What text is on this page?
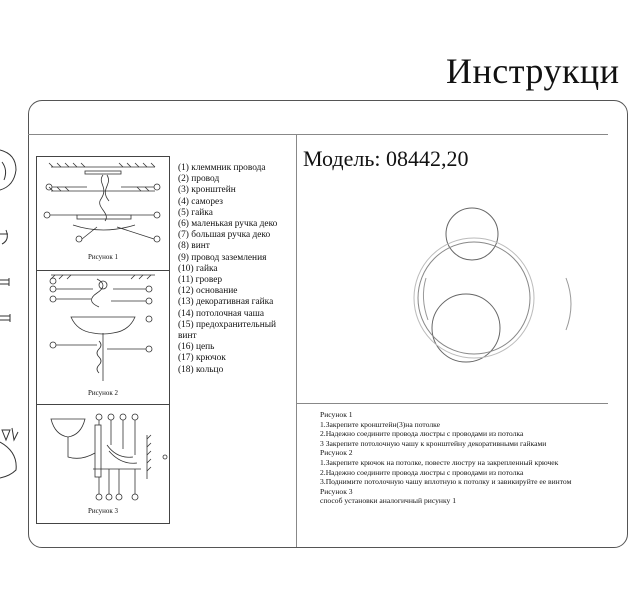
Инструкци
Рисунок 1
Рисунок 2
Рисунок 3
(1) клеммник провода
(2) провод
(3) кронштейн
(4) саморез
(5) гайка
(6) маленькая ручка деко
(7) большая ручка деко
(8) винт
(9) провод заземления
(10) гайка
(11) гровер
(12) основание
(13) декоративная гайка
(14) потолочная чаша
(15) предохранительный
винт
(16) цепь
(17) крючок
(18) кольцо
Модель: 08442,20
Рисунок 1
1.Закрепите кронштейн(3)на потолке
2.Надежно соедините провода люстры с проводами из потолка
3 Закрепите потолочную чашу к кронштейну декоративными гайками
Рисунок 2
1.Закрепите крючок на потолке, повесте люстру на закрепленный крючек
2.Надежно соедините провода люстры с проводами из потолка
3.Поднимите потолочную чашу вплотную к потолку и завикируйте ее винтом
Рисунок 3
способ установки аналогичный рисунку 1
